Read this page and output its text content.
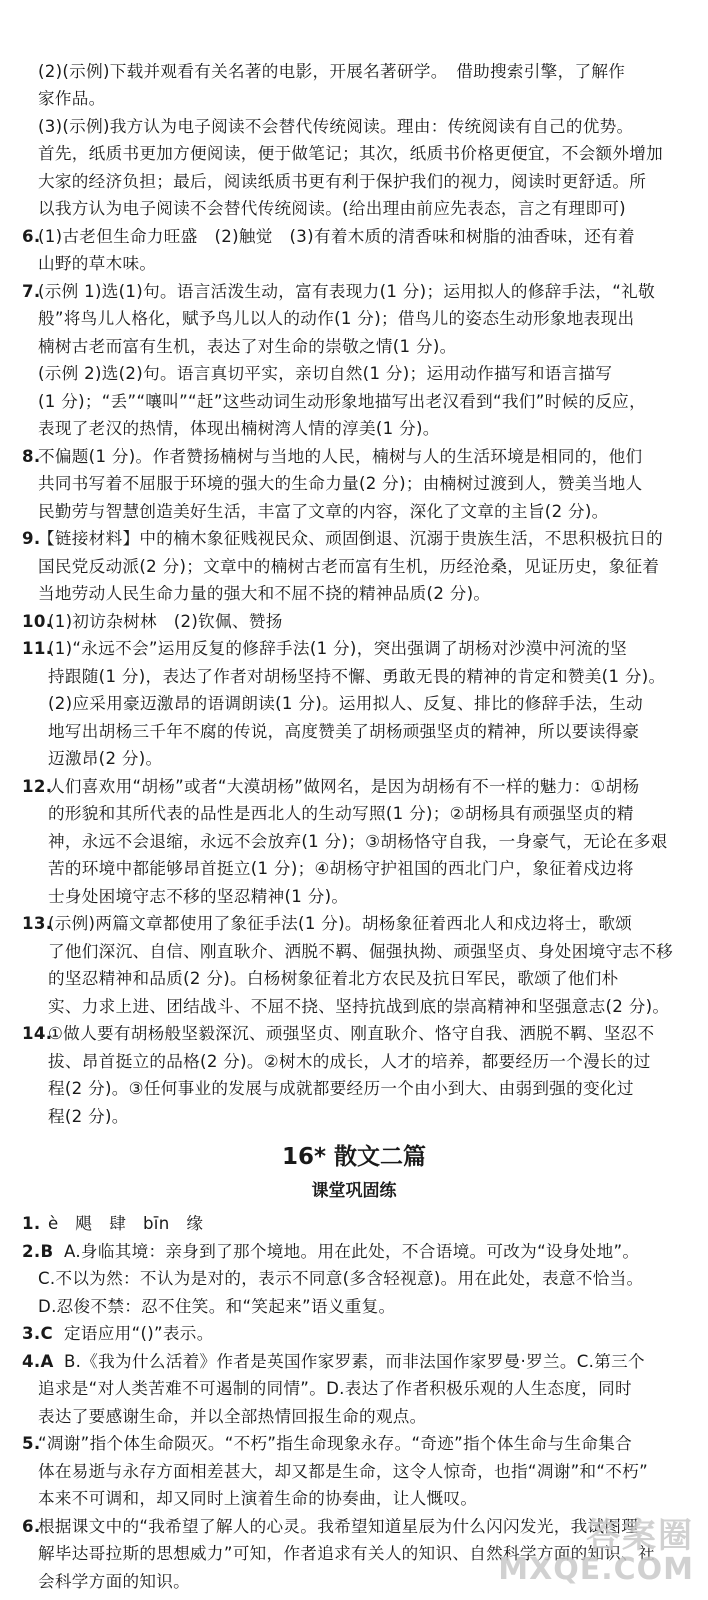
(2)(示例)下载并观看有关名著的电影，开展名著研学。　借助搜索引擎，了解作
家作品。
(3)(示例)我方认为电子阅读不会替代传统阅读。理由：传统阅读有自己的优势。
首先，纸质书更加方便阅读，便于做笔记；其次，纸质书价格更便宜，不会额外增加
大家的经济负担；最后，阅读纸质书更有利于保护我们的视力，阅读时更舒适。所
以我方认为电子阅读不会替代传统阅读。(给出理由前应先表态，言之有理即可)
6.
(1)古老但生命力旺盛　(2)触觉　(3)有着木质的清香味和树脂的油香味，还有着
山野的草木味。
7.
(示例 1)选(1)句。语言活泼生动，富有表现力(1 分)；运用拟人的修辞手法，“礼敬
般”将鸟儿人格化，赋予鸟儿以人的动作(1 分)；借鸟儿的姿态生动形象地表现出
楠树古老而富有生机，表达了对生命的崇敬之情(1 分)。
(示例 2)选(2)句。语言真切平实，亲切自然(1 分)；运用动作描写和语言描写
(1 分)；“丢”“嚷叫”“赶”这些动词生动形象地描写出老汉看到“我们”时候的反应，
表现了老汉的热情，体现出楠树湾人情的淳美(1 分)。
8.
不偏题(1 分)。作者赞扬楠树与当地的人民，楠树与人的生活环境是相同的，他们
共同书写着不屈服于环境的强大的生命力量(2 分)；由楠树过渡到人，赞美当地人
民勤劳与智慧创造美好生活，丰富了文章的内容，深化了文章的主旨(2 分)。
9.
【链接材料】中的楠木象征贱视民众、顽固倒退、沉溺于贵族生活，不思积极抗日的
国民党反动派(2 分)；文章中的楠树古老而富有生机，历经沧桑，见证历史，象征着
当地劳动人民生命力量的强大和不屈不挠的精神品质(2 分)。
10.
(1)初访杂树林　(2)钦佩、赞扬
11.
(1)“永远不会”运用反复的修辞手法(1 分)，突出强调了胡杨对沙漠中河流的坚
持跟随(1 分)，表达了作者对胡杨坚持不懈、勇敢无畏的精神的肯定和赞美(1 分)。
(2)应采用豪迈激昂的语调朗读(1 分)。运用拟人、反复、排比的修辞手法，生动
地写出胡杨三千年不腐的传说，高度赞美了胡杨顽强坚贞的精神，所以要读得豪
迈激昂(2 分)。
12.
人们喜欢用“胡杨”或者“大漠胡杨”做网名，是因为胡杨有不一样的魅力：①胡杨
的形貌和其所代表的品性是西北人的生动写照(1 分)；②胡杨具有顽强坚贞的精
神，永远不会退缩，永远不会放弃(1 分)；③胡杨恪守自我，一身豪气，无论在多艰
苦的环境中都能够昂首挺立(1 分)；④胡杨守护祖国的西北门户，象征着戍边将
士身处困境守志不移的坚忍精神(1 分)。
13.
(示例)两篇文章都使用了象征手法(1 分)。胡杨象征着西北人和戍边将士，歌颂
了他们深沉、自信、刚直耿介、洒脱不羁、倔强执拗、顽强坚贞、身处困境守志不移
的坚忍精神和品质(2 分)。白杨树象征着北方农民及抗日军民，歌颂了他们朴
实、力求上进、团结战斗、不屈不挠、坚持抗战到底的崇高精神和坚强意志(2 分)。
14.
①做人要有胡杨般坚毅深沉、顽强坚贞、刚直耿介、恪守自我、洒脱不羁、坚忍不
拔、昂首挺立的品格(2 分)。②树木的成长，人才的培养，都要经历一个漫长的过
程(2 分)。③任何事业的发展与成就都要经历一个由小到大、由弱到强的变化过
程(2 分)。
16* 散文二篇
课堂巩固练
1. è　飓　肆　bīn　缘
2.B A.身临其境：亲身到了那个境地。用在此处，不合语境。可改为“设身处地”。
C.不以为然：不认为是对的，表示不同意(多含轻视意)。用在此处，表意不恰当。
D.忍俊不禁：忍不住笑。和“笑起来”语义重复。
3.C 定语应用“()”表示。
4.A B.《我为什么活着》作者是英国作家罗素，而非法国作家罗曼·罗兰。C.第三个
追求是“对人类苦难不可遏制的同情”。D.表达了作者积极乐观的人生态度，同时
表达了要感谢生命，并以全部热情回报生命的观点。
5.
“凋谢”指个体生命陨灭。“不朽”指生命现象永存。“奇迹”指个体生命与生命集合
体在易逝与永存方面相差甚大，却又都是生命，这令人惊奇，也指“凋谢”和“不朽”
本来不可调和，却又同时上演着生命的协奏曲，让人慨叹。
6.
根据课文中的“我希望了解人的心灵。我希望知道星辰为什么闪闪发光，我试图理
解毕达哥拉斯的思想威力”可知，作者追求有关人的知识、自然科学方面的知识、社
会科学方面的知识。
答案圈
MXQE.COM
